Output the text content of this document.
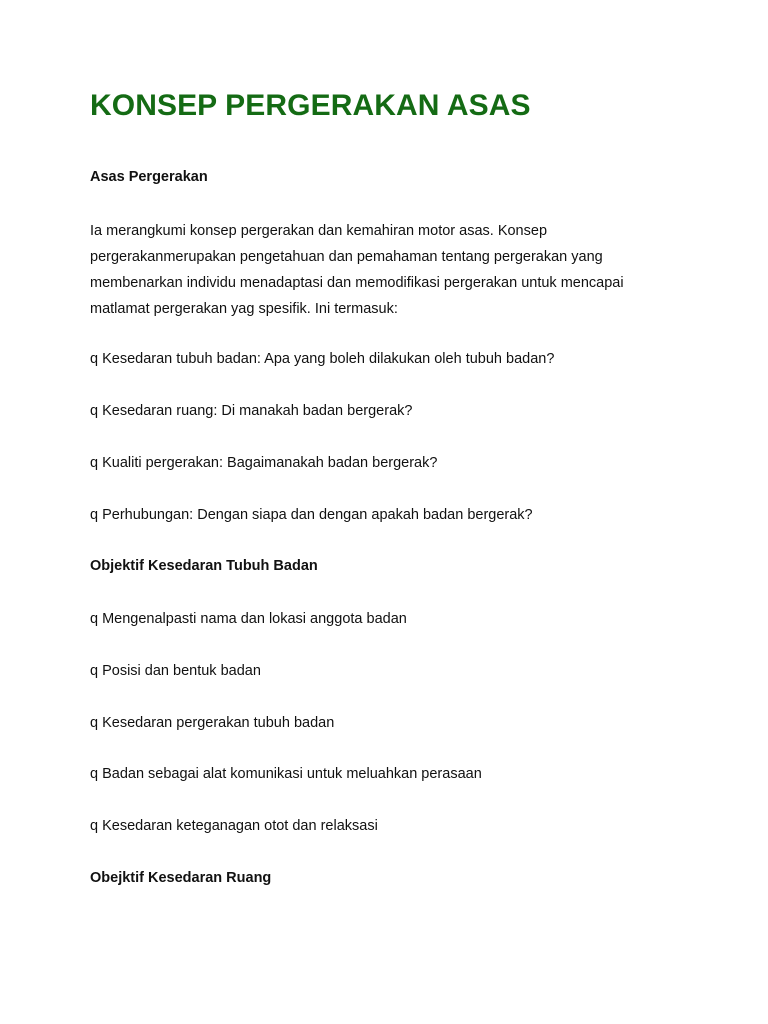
KONSEP PERGERAKAN ASAS
Asas Pergerakan

Ia merangkumi konsep pergerakan dan kemahiran motor asas. Konsep
pergerakanmerupakan pengetahuan dan pemahaman tentang pergerakan yang
membenarkan individu menadaptasi dan memodifikasi pergerakan untuk mencapai
matlamat pergerakan yag spesifik. Ini termasuk:

q Kesedaran tubuh badan: Apa yang boleh dilakukan oleh tubuh badan?

q Kesedaran ruang: Di manakah badan bergerak?

q Kualiti pergerakan: Bagaimanakah badan bergerak?

q Perhubungan: Dengan siapa dan dengan apakah badan bergerak?

Objektif Kesedaran Tubuh Badan

q Mengenalpasti nama dan lokasi anggota badan

q Posisi dan bentuk badan

q Kesedaran pergerakan tubuh badan

q Badan sebagai alat komunikasi untuk meluahkan perasaan

q Kesedaran keteganagan otot dan relaksasi

Obejktif Kesedaran Ruang
